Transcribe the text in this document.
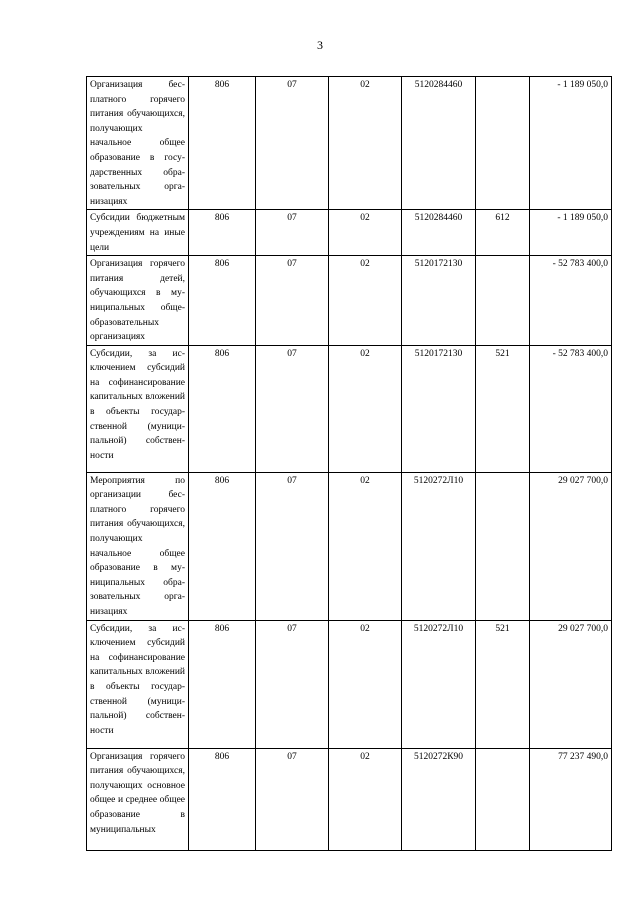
3
Организация бесплатного горячего питания обучающихся, получающих начальное общее образование в государственных образовательных организациях	806	07	02	5120284460		- 1 189 050,0
Субсидии бюджетным учреждениям на иные цели	806	07	02	5120284460	612	- 1 189 050,0
Организация горячего питания детей, обучающихся в муниципальных общеобразовательных организациях	806	07	02	5120172130		- 52 783 400,0
Субсидии, за исключением субсидий на софинансирование капитальных вложений в объекты государственной (муниципальной) собственности	806	07	02	5120172130	521	- 52 783 400,0
Мероприятия по организации бесплатного горячего питания обучающихся, получающих начальное общее образование в муниципальных образовательных организациях	806	07	02	5120272Л10		29 027 700,0
Субсидии, за исключением субсидий на софинансирование капитальных вложений в объекты государственной (муниципальной) собственности	806	07	02	5120272Л10	521	29 027 700,0
Организация горячего питания обучающихся, получающих основное общее и среднее общее образование в муниципальных	806	07	02	5120272К90		77 237 490,0
